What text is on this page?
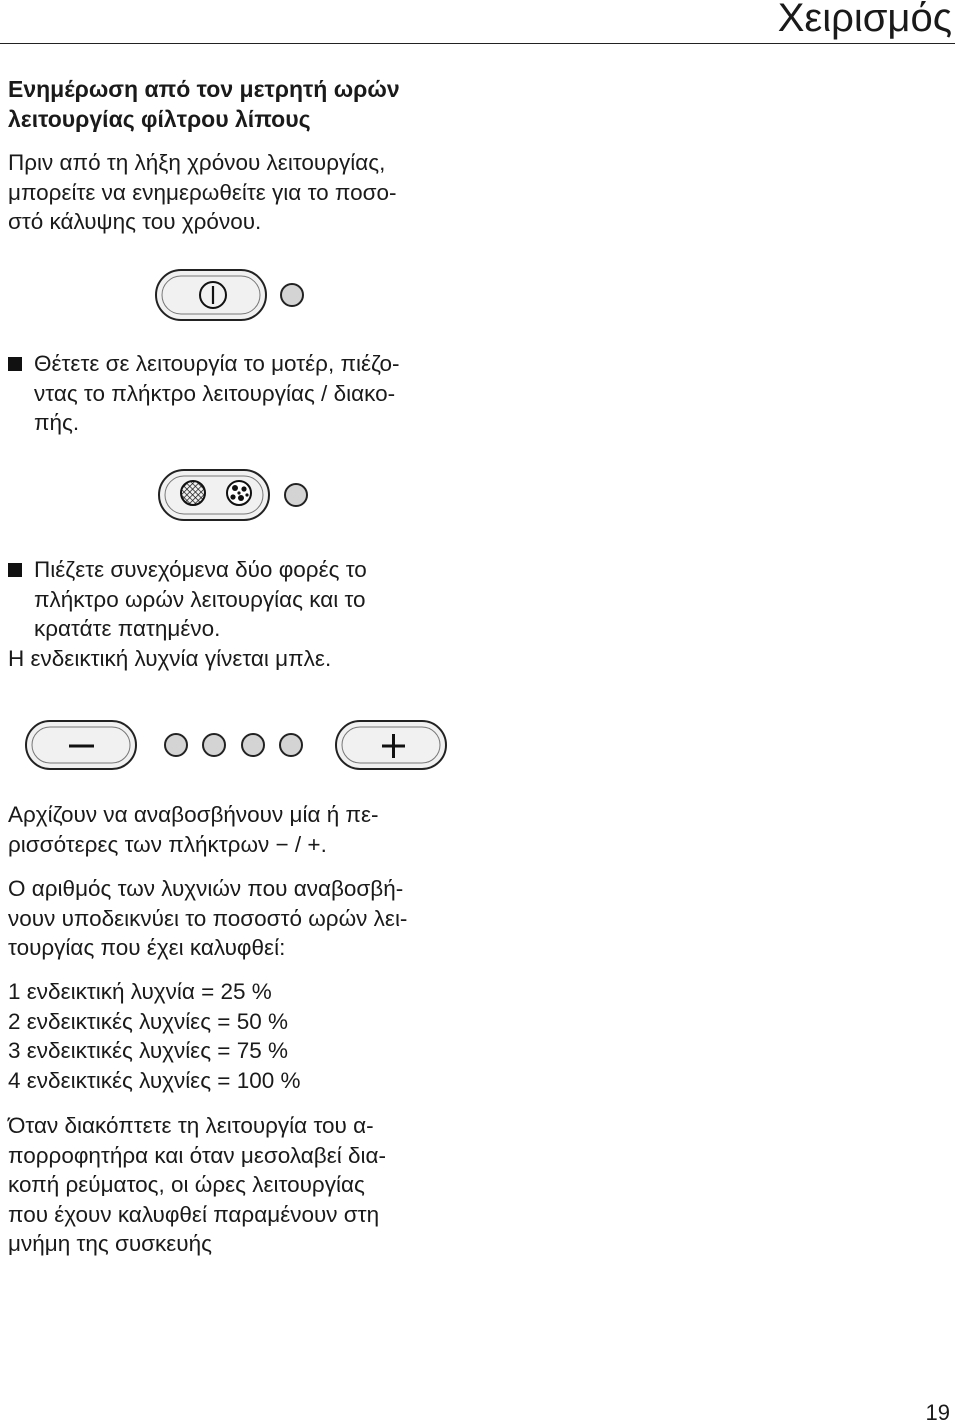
Χειρισμός

Ενημέρωση από τον μετρητή ωρών

λειτουργίας φίλτρου λίπους

Πριν από τη λήξη χρόνου λειτουργίας,

μπορείτε να ενημερωθείτε για το ποσο-

στό κάλυψης του χρόνου.

Θέτετε σε λειτουργία το μοτέρ, πιέζο-

ντας το πλήκτρο λειτουργίας / διακο-

πής.

Πιέζετε συνεχόμενα δύο φορές το

πλήκτρο ωρών λειτουργίας και το

κρατάτε πατημένο.

Η ενδεικτική λυχνία γίνεται μπλε.

Αρχίζουν να αναβοσβήνουν μία ή πε-

ρισσότερες των πλήκτρων − / +.

Ο αριθμός των λυχνιών που αναβοσβή-

νουν υποδεικνύει το ποσοστό ωρών λει-

τουργίας που έχει καλυφθεί:

1 ενδεικτική λυχνία = 25 %

2 ενδεικτικές λυχνίες = 50 %

3 ενδεικτικές λυχνίες = 75 %

4 ενδεικτικές λυχνίες = 100 %

Όταν διακόπτετε τη λειτουργία του α-

πορροφητήρα και όταν μεσολαβεί δια-

κοπή ρεύματος, οι ώρες λειτουργίας

που έχουν καλυφθεί παραμένουν στη

μνήμη της συσκευής

19
